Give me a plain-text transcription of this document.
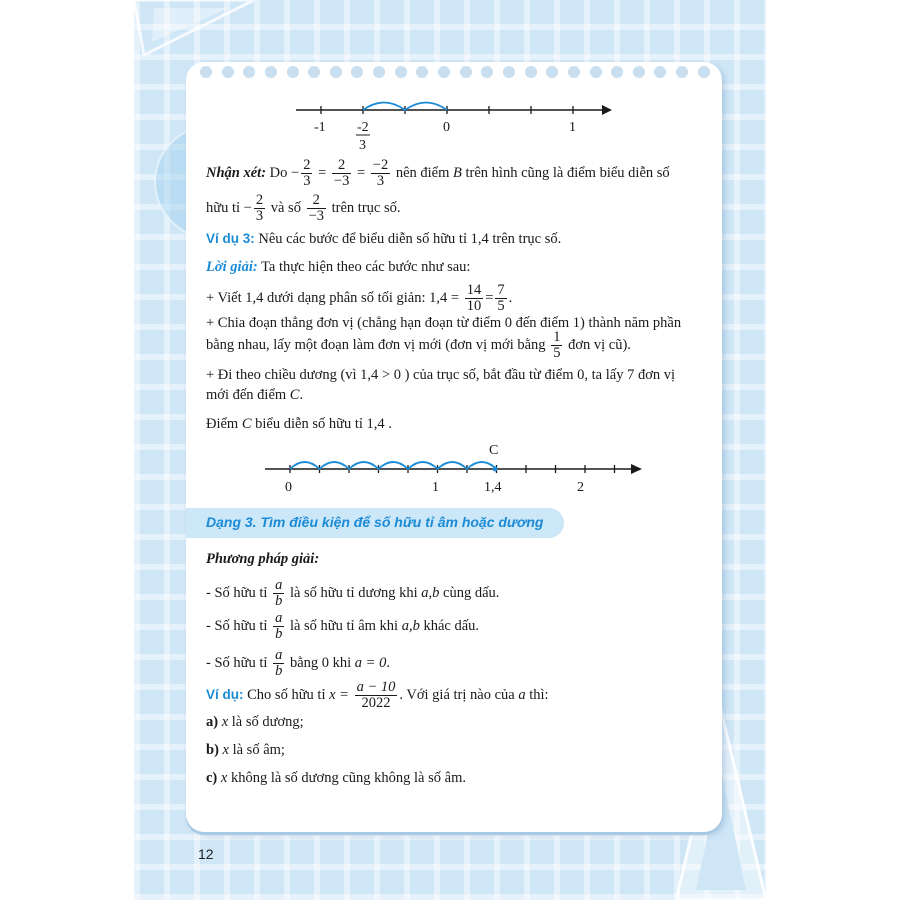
-1 -2
3
0	1
Nhận xét: $Do - \frac{2}{3} = \frac{2}{-3} = \frac{-2}{3}$ nên điểm B trên hình cũng là điểm biểu diễn số
hữu tỉ − $\frac{2}{3}$ và số $\frac{2}{-3}$ trên trục số.
Ví dụ 3: Nêu các bước để biểu diễn số hữu tỉ 1,4 trên trục số.
Lời giải: Ta thực hiện theo các bước như sau:
+ Viết 1,4 dưới dạng phân số tối giản: $1,4 = \frac{14}{10} = \frac{7}{5}$ .
+ Chia đoạn thẳng đơn vị (chẳng hạn đoạn từ điểm 0 đến điểm 1) thành năm phần
bằng nhau, lấy một đoạn làm đơn vị mới (đơn vị mới bằng $\frac{1}{5}$ đơn vị cũ).
+ Đi theo chiều dương (vì 1,4 > 0 ) của trục số, bắt đầu từ điểm 0, ta lấy 7 đơn vị
mới đến điểm C.
Điểm C biểu diễn số hữu tỉ 1,4 .
C
0	1	1,4	2
Dạng 3. Tìm điều kiện để số hữu tỉ âm hoặc dương
Phương pháp giải:
- Số hữu tỉ $\frac{a}{b}$ là số hữu tỉ dương khi a,b cùng dấu.
- Số hữu tỉ $\frac{a}{b}$ là số hữu tỉ âm khi a,b khác dấu.
- Số hữu tỉ $\frac{a}{b}$ bằng 0 khi a = 0.
Ví dụ: Cho số hữu tỉ $x = \frac{a - 10}{2022}$ . Với giá trị nào của a thì:
a) x là số dương;
b) x là số âm;
c) x không là số dương cũng không là số âm.
12
